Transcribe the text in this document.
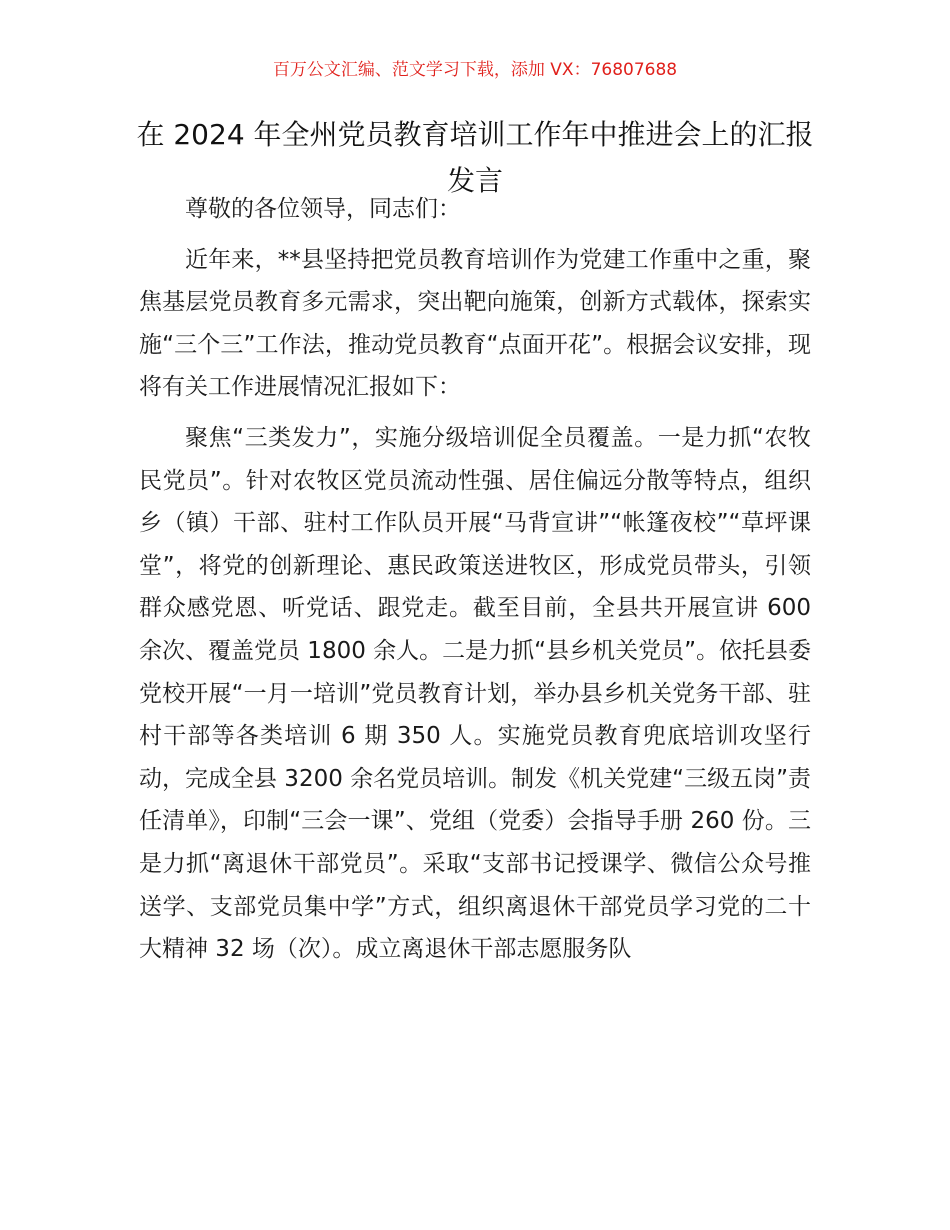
百万公文汇编、范文学习下载，添加 VX：76807688

在 2024 年全州党员教育培训工作年中推进会上的汇报发言

尊敬的各位领导，同志们：

近年来，**县坚持把党员教育培训作为党建工作重中之重，聚焦基层党员教育多元需求，突出靶向施策，创新方式载体，探索实施“三个三”工作法，推动党员教育“点面开花”。根据会议安排，现将有关工作进展情况汇报如下：

聚焦“三类发力”，实施分级培训促全员覆盖。一是力抓“农牧民党员”。针对农牧区党员流动性强、居住偏远分散等特点，组织乡（镇）干部、驻村工作队员开展“马背宣讲”“帐篷夜校”“草坪课堂”，将党的创新理论、惠民政策送进牧区，形成党员带头，引领群众感党恩、听党话、跟党走。截至目前，全县共开展宣讲 600 余次、覆盖党员 1800 余人。二是力抓“县乡机关党员”。依托县委党校开展“一月一培训”党员教育计划，举办县乡机关党务干部、驻村干部等各类培训 6 期 350 人。实施党员教育兜底培训攻坚行动，完成全县 3200 余名党员培训。制发《机关党建“三级五岗”责任清单》，印制“三会一课”、党组（党委）会指导手册 260 份。三是力抓“离退休干部党员”。采取“支部书记授课学、微信公众号推送学、支部党员集中学”方式，组织离退休干部党员学习党的二十大精神 32 场（次）。成立离退休干部志愿服务队
